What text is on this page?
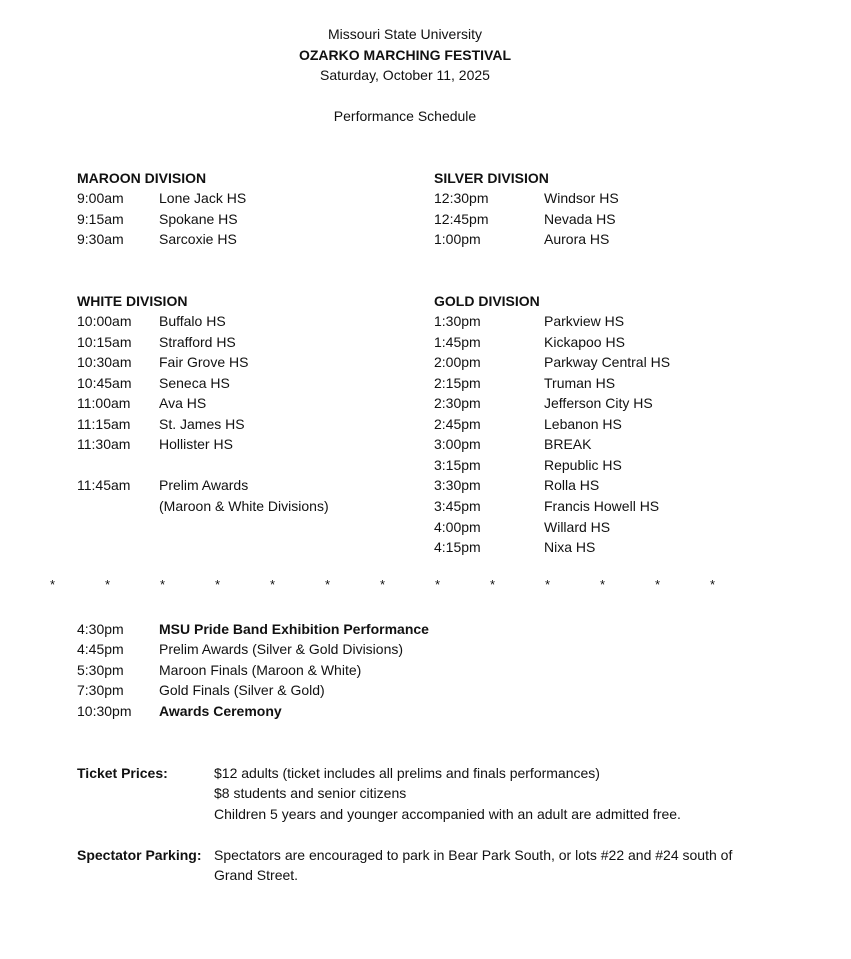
Missouri State University
OZARKO MARCHING FESTIVAL
Saturday, October 11, 2025
Performance Schedule
MAROON DIVISION
9:00am	Lone Jack HS
9:15am	Spokane HS
9:30am	Sarcoxie HS
SILVER DIVISION
12:30pm	Windsor HS
12:45pm	Nevada HS
1:00pm	Aurora HS
WHITE DIVISION
10:00am Buffalo HS
10:15am Strafford HS
10:30am Fair Grove HS
10:45am Seneca HS
11:00am Ava HS
11:15am St. James HS
11:30am Hollister HS
11:45am Prelim Awards
(Maroon & White Divisions)
GOLD DIVISION
1:30pm	Parkview HS
1:45pm	Kickapoo HS
2:00pm	Parkway Central HS
2:15pm	Truman HS
2:30pm	Jefferson City HS
2:45pm	Lebanon HS
3:00pm	BREAK
3:15pm	Republic HS
3:30pm	Rolla HS
3:45pm	Francis Howell HS
4:00pm	Willard HS
4:15pm	Nixa HS
*	*	*	*	*	*	*	*	*	*	*	*	*
4:30pm	MSU Pride Band Exhibition Performance
4:45pm	Prelim Awards (Silver & Gold Divisions)
5:30pm	Maroon Finals (Maroon & White)
7:30pm	Gold Finals (Silver & Gold)
10:30pm Awards Ceremony
Ticket Prices:	$12 adults (ticket includes all prelims and finals performances)
$8 students and senior citizens
Children 5 years and younger accompanied with an adult are admitted free.
Spectator Parking: Spectators are encouraged to park in Bear Park South, or lots #22 and #24 south of
Grand Street.
